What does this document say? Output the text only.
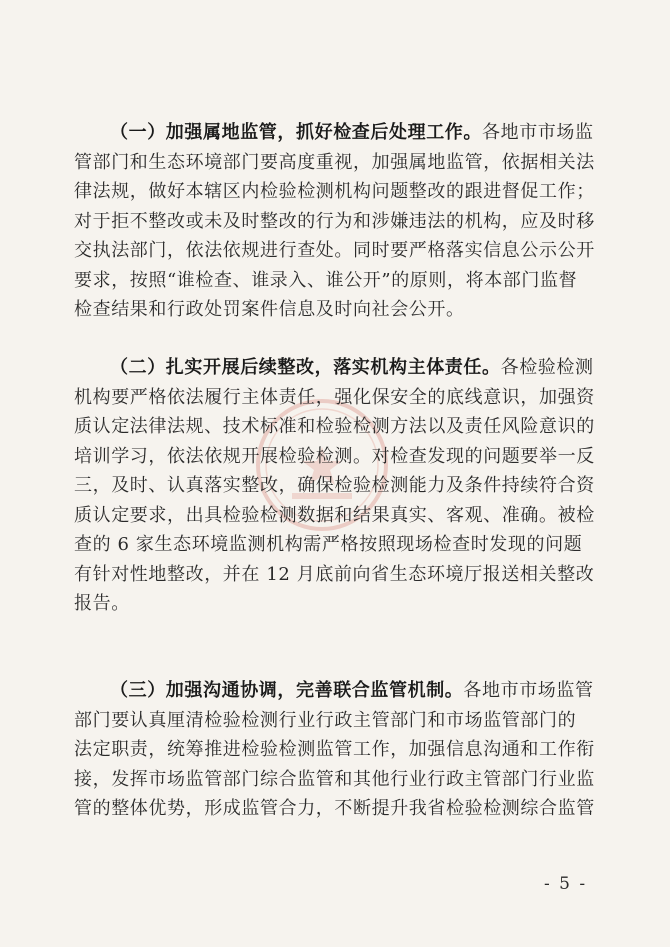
（一）加强属地监管，抓好检查后处理工作。各地市市场监
管部门和生态环境部门要高度重视，加强属地监管，依据相关法
律法规，做好本辖区内检验检测机构问题整改的跟进督促工作；
对于拒不整改或未及时整改的行为和涉嫌违法的机构，应及时移
交执法部门，依法依规进行查处。同时要严格落实信息公示公开
要求，按照“谁检查、谁录入、谁公开”的原则，将本部门监督
检查结果和行政处罚案件信息及时向社会公开。
（二）扎实开展后续整改，落实机构主体责任。各检验检测
机构要严格依法履行主体责任，强化保安全的底线意识，加强资
质认定法律法规、技术标准和检验检测方法以及责任风险意识的
培训学习，依法依规开展检验检测。对检查发现的问题要举一反
三，及时、认真落实整改，确保检验检测能力及条件持续符合资
质认定要求，出具检验检测数据和结果真实、客观、准确。被检
查的 6 家生态环境监测机构需严格按照现场检查时发现的问题
有针对性地整改，并在 12 月底前向省生态环境厅报送相关整改
报告。
（三）加强沟通协调，完善联合监管机制。各地市市场监管
部门要认真厘清检验检测行业行政主管部门和市场监管部门的
法定职责，统筹推进检验检测监管工作，加强信息沟通和工作衔
接，发挥市场监管部门综合监管和其他行业行政主管部门行业监
管的整体优势，形成监管合力，不断提升我省检验检测综合监管
- 5 -
